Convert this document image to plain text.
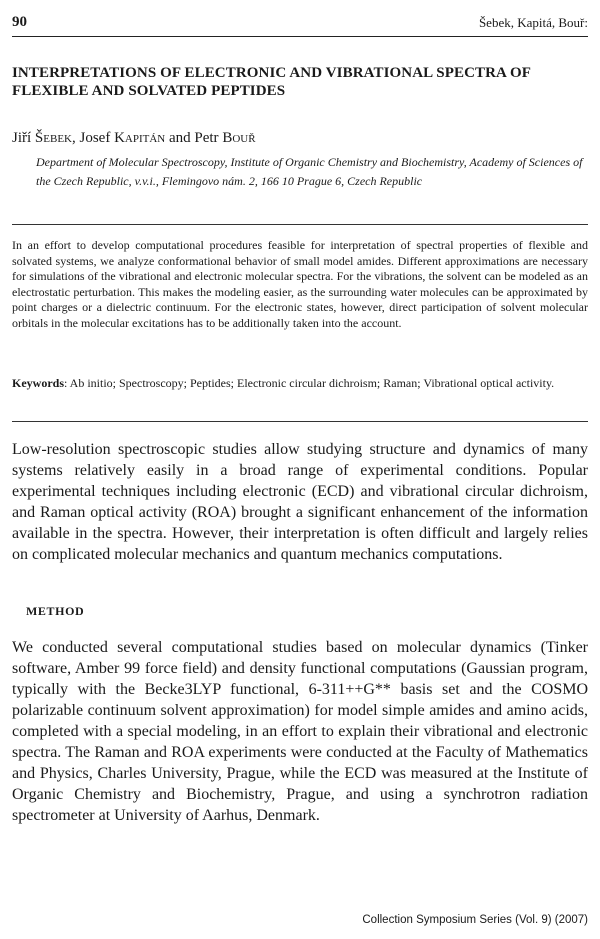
90	Šebek, Kapitá, Bouř:
INTERPRETATIONS OF ELECTRONIC AND VIBRATIONAL SPECTRA OF FLEXIBLE AND SOLVATED PEPTIDES
Jiří Šebek, Josef Kapitán and Petr Bouř
Department of Molecular Spectroscopy, Institute of Organic Chemistry and Biochemistry, Academy of Sciences of the Czech Republic, v.v.i., Flemingovo nám. 2, 166 10 Prague 6, Czech Republic
In an effort to develop computational procedures feasible for interpretation of spectral properties of flexible and solvated systems, we analyze conformational behavior of small model amides. Different approximations are necessary for simulations of the vibrational and electronic molecular spectra. For the vibrations, the solvent can be modeled as an electrostatic perturbation. This makes the modeling easier, as the surrounding water molecules can be approximated by point charges or a dielectric continuum. For the electronic states, however, direct participation of solvent molecular orbitals in the molecular excitations has to be additionally taken into the account.
Keywords: Ab initio; Spectroscopy; Peptides; Electronic circular dichroism; Raman; Vibrational optical activity.
Low-resolution spectroscopic studies allow studying structure and dynamics of many systems relatively easily in a broad range of experimental conditions. Popular experimental techniques including electronic (ECD) and vibrational circular dichroism, and Raman optical activity (ROA) brought a significant enhancement of the information available in the spectra. However, their interpretation is often difficult and largely relies on complicated molecular mechanics and quantum mechanics computations.
METHOD
We conducted several computational studies based on molecular dynamics (Tinker software, Amber 99 force field) and density functional computations (Gaussian program, typically with the Becke3LYP functional, 6-311++G** basis set and the COSMO polarizable continuum solvent approximation) for model simple amides and amino acids, completed with a special modeling, in an effort to explain their vibrational and electronic spectra. The Raman and ROA experiments were conducted at the Faculty of Mathematics and Physics, Charles University, Prague, while the ECD was measured at the Institute of Organic Chemistry and Biochemistry, Prague, and using a synchrotron radiation spectrometer at University of Aarhus, Denmark.
Collection Symposium Series (Vol. 9) (2007)
